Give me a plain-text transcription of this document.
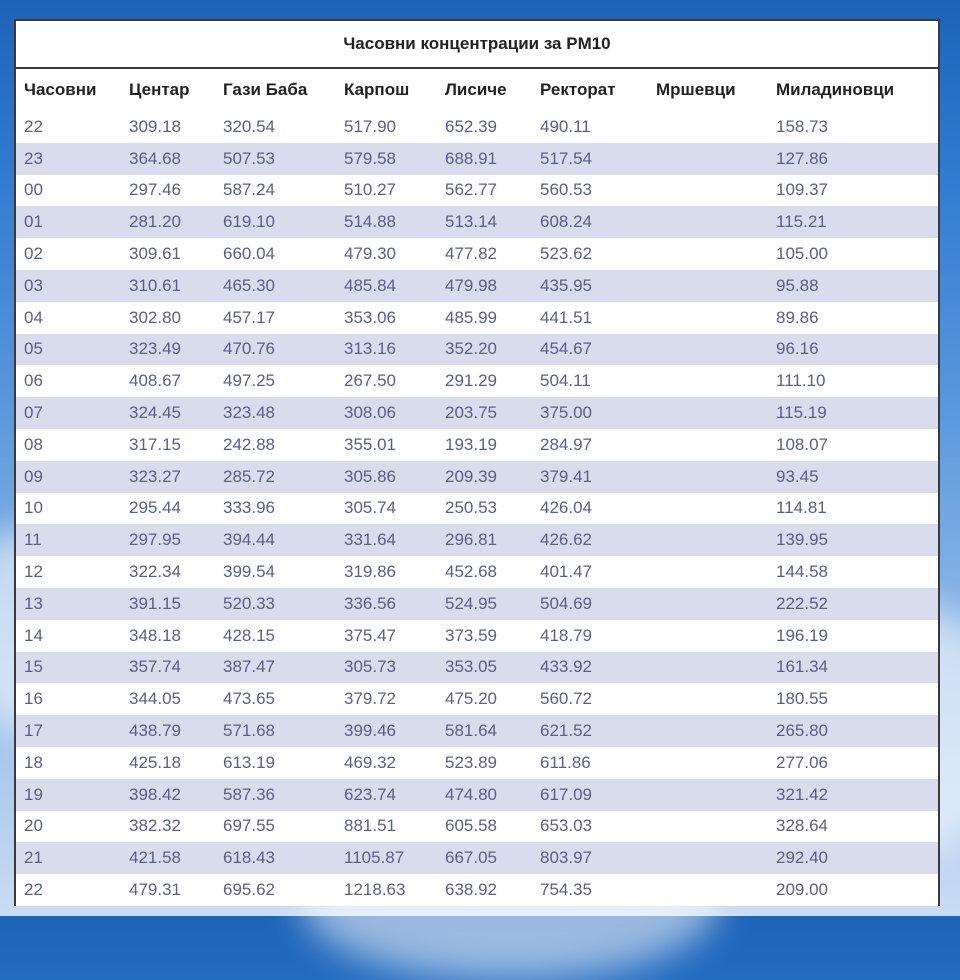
Часовни концентрации за PM10
Часовни	Центар	Гази Баба	Карпош	Лисиче	Ректорат	Мршевци	Миладиновци
22	309.18	320.54	517.90	652.39	490.11		158.73
23	364.68	507.53	579.58	688.91	517.54		127.86
00	297.46	587.24	510.27	562.77	560.53		109.37
01	281.20	619.10	514.88	513.14	608.24		115.21
02	309.61	660.04	479.30	477.82	523.62		105.00
03	310.61	465.30	485.84	479.98	435.95		95.88
04	302.80	457.17	353.06	485.99	441.51		89.86
05	323.49	470.76	313.16	352.20	454.67		96.16
06	408.67	497.25	267.50	291.29	504.11		111.10
07	324.45	323.48	308.06	203.75	375.00		115.19
08	317.15	242.88	355.01	193.19	284.97		108.07
09	323.27	285.72	305.86	209.39	379.41		93.45
10	295.44	333.96	305.74	250.53	426.04		114.81
11	297.95	394.44	331.64	296.81	426.62		139.95
12	322.34	399.54	319.86	452.68	401.47		144.58
13	391.15	520.33	336.56	524.95	504.69		222.52
14	348.18	428.15	375.47	373.59	418.79		196.19
15	357.74	387.47	305.73	353.05	433.92		161.34
16	344.05	473.65	379.72	475.20	560.72		180.55
17	438.79	571.68	399.46	581.64	621.52		265.80
18	425.18	613.19	469.32	523.89	611.86		277.06
19	398.42	587.36	623.74	474.80	617.09		321.42
20	382.32	697.55	881.51	605.58	653.03		328.64
21	421.58	618.43	1105.87	667.05	803.97		292.40
22	479.31	695.62	1218.63	638.92	754.35		209.00
